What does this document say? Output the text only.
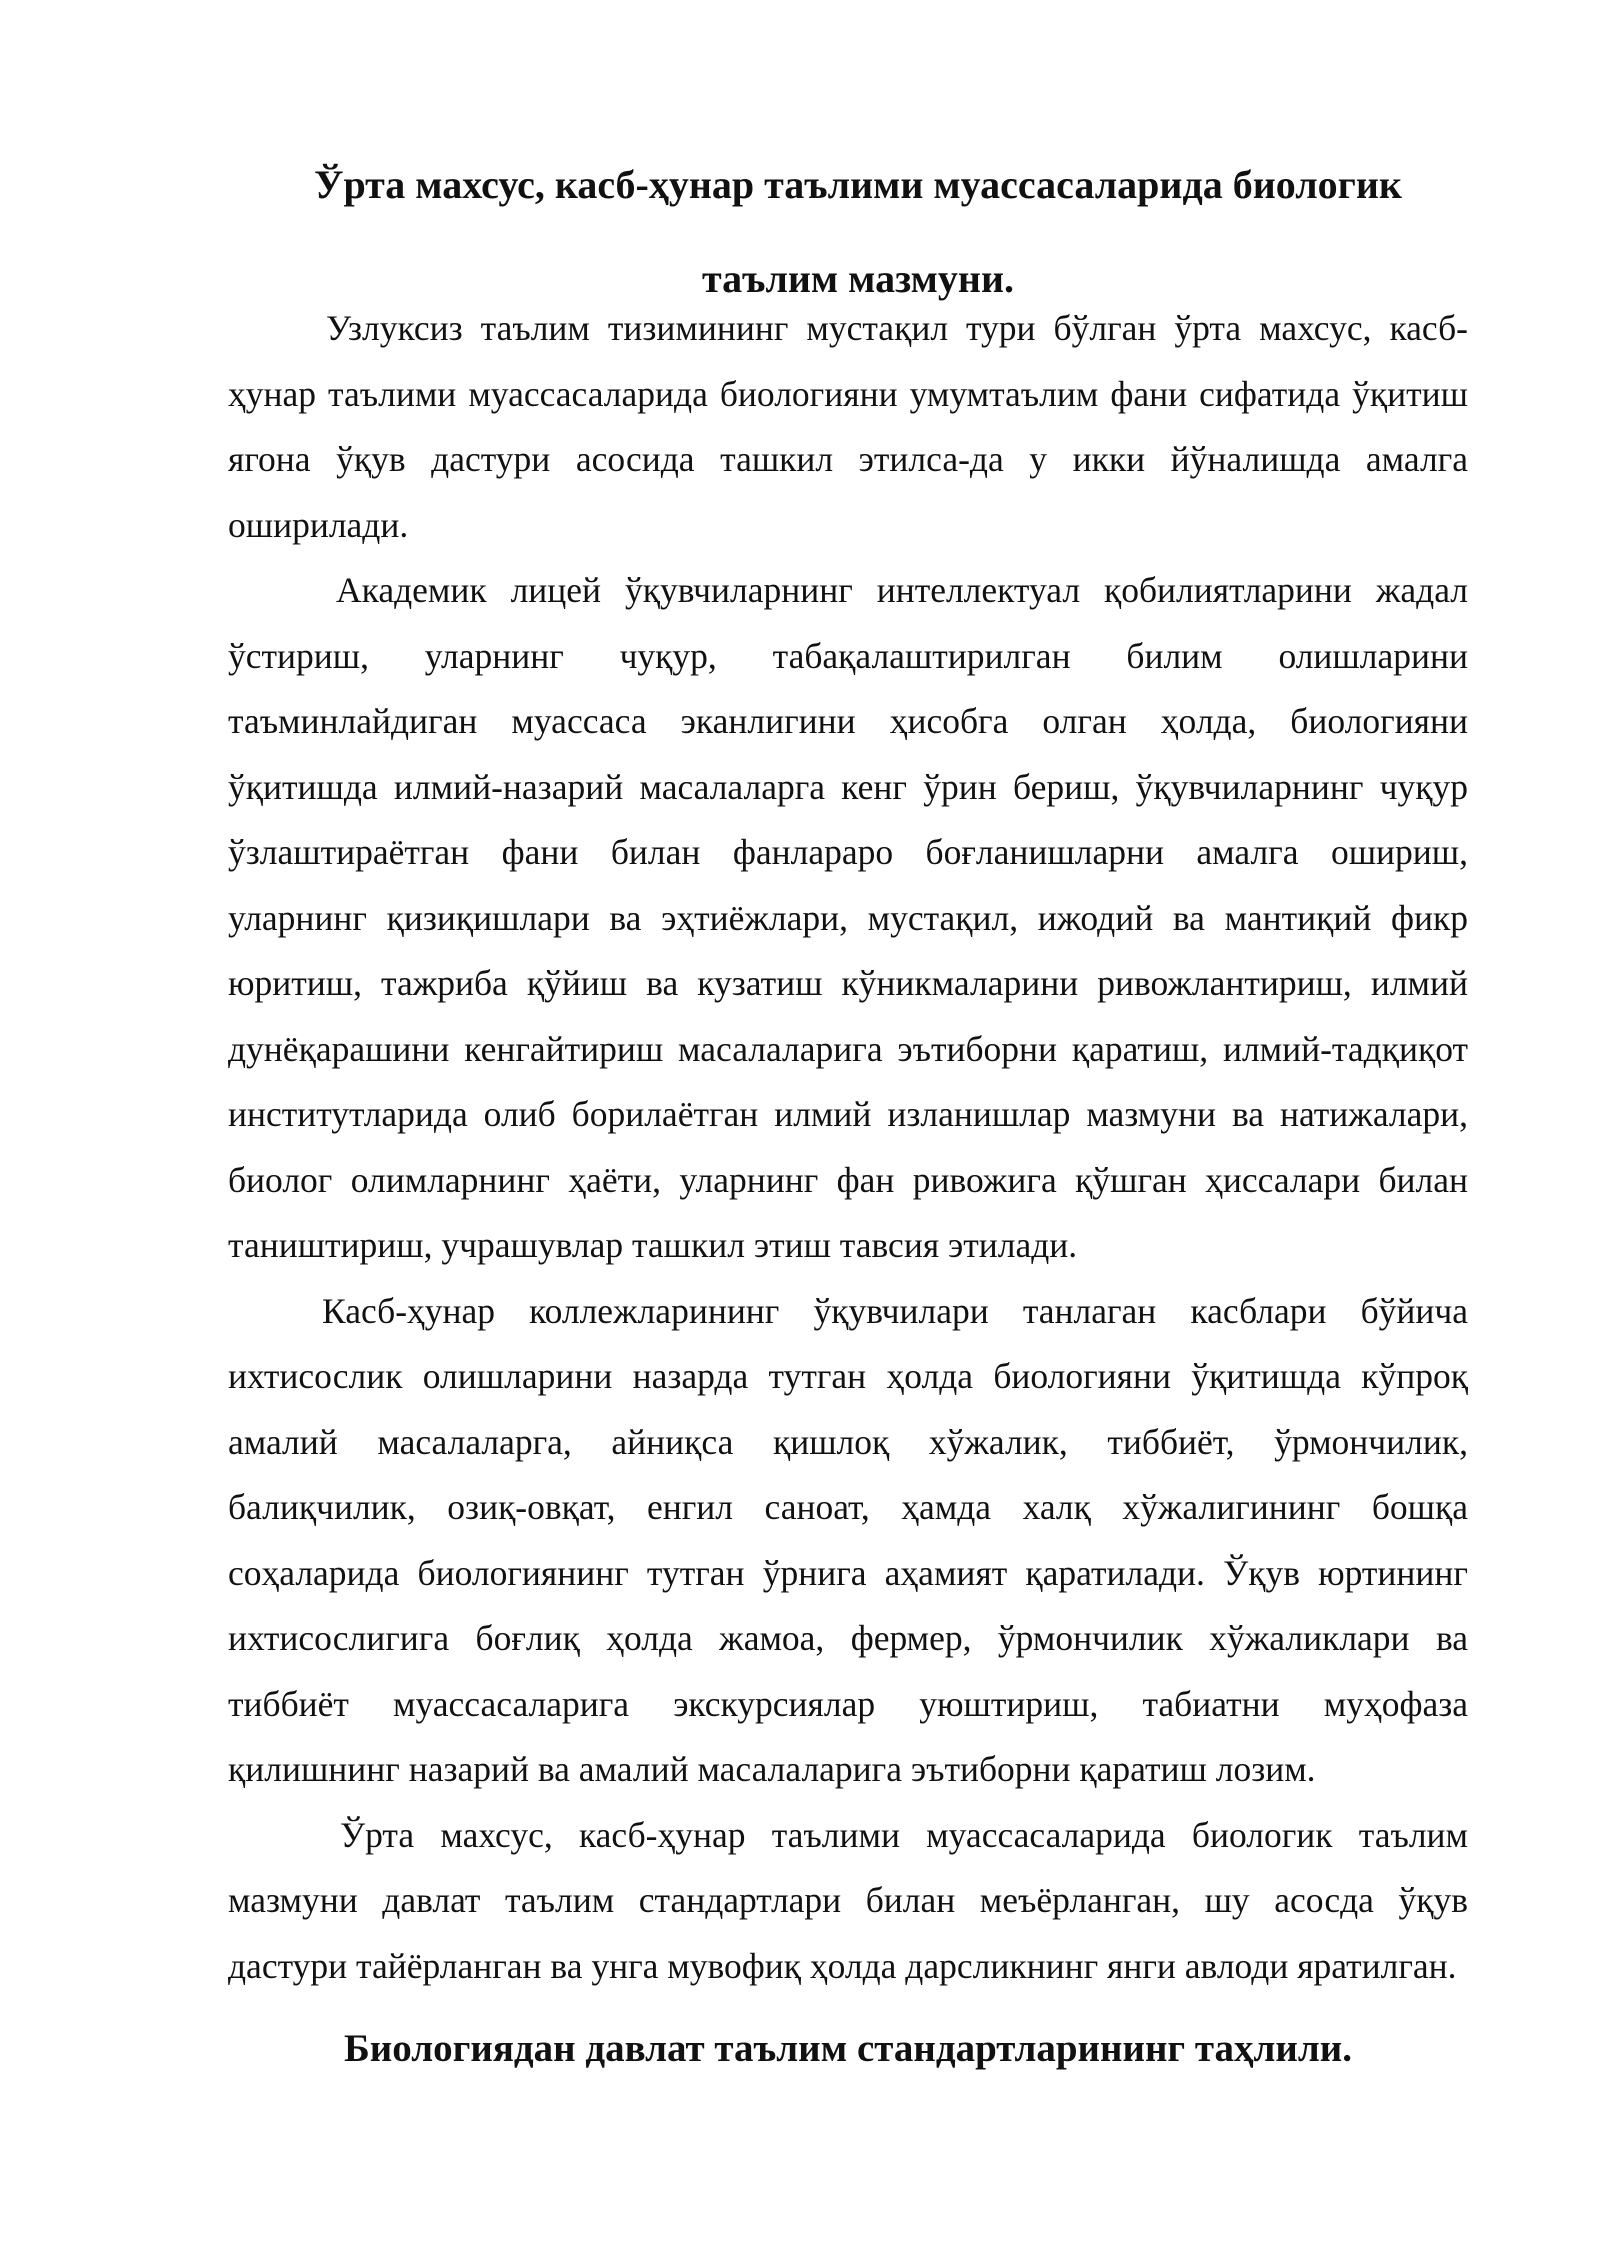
Ўрта махсус, касб-ҳунар таълими муассасаларида биологик
таълим мазмуни.

Узлуксиз таълим тизимининг мустақил тури бўлган ўрта махсус, касб-ҳунар таълими муассасаларида биологияни умумтаълим фани сифатида ўқитиш ягона ўқув дастури асосида ташкил этилса-да у икки йўналишда амалга оширилади.

Академик лицей ўқувчиларнинг интеллектуал қобилиятларини жадал ўстириш, уларнинг чуқур, табақалаштирилган билим олишларини таъминлайдиган муассаса эканлигини ҳисобга олган ҳолда, биологияни ўқитишда илмий-назарий масалаларга кенг ўрин бериш, ўқувчиларнинг чуқур ўзлаштираётган фани билан фанлараро боғланишларни амалга ошириш, уларнинг қизиқишлари ва эҳтиёжлари, мустақил, ижодий ва мантиқий фикр юритиш, тажриба қўйиш ва кузатиш кўникмаларини ривожлантириш, илмий дунёқарашини кенгайтириш масалаларига эътиборни қаратиш, илмий-тадқиқот институтларида олиб борилаётган илмий изланишлар мазмуни ва натижалари, биолог олимларнинг ҳаёти, уларнинг фан ривожига қўшган ҳиссалари билан таништириш, учрашувлар ташкил этиш тавсия этилади.

Касб-ҳунар коллежларининг ўқувчилари танлаган касблари бўйича ихтисослик олишларини назарда тутган ҳолда биологияни ўқитишда кўпроқ амалий масалаларга, айниқса қишлоқ хўжалик, тиббиёт, ўрмончилик, балиқчилик, озиқ-овқат, енгил саноат, ҳамда халқ хўжалигининг бошқа соҳаларида биологиянинг тутган ўрнига аҳамият қаратилади. Ўқув юртининг ихтисослигига боғлиқ ҳолда жамоа, фермер, ўрмончилик хўжаликлари ва тиббиёт муассасаларига экскурсиялар уюштириш, табиатни муҳофаза қилишнинг назарий ва амалий масалаларига эътиборни қаратиш лозим.

Ўрта махсус, касб-ҳунар таълими муассасаларида биологик таълим мазмуни давлат таълим стандартлари билан меъёрланган, шу асосда ўқув дастури тайёрланган ва унга мувофиқ ҳолда дарсликнинг янги авлоди яратилган.

Биологиядан давлат таълим стандартларининг таҳлили.
